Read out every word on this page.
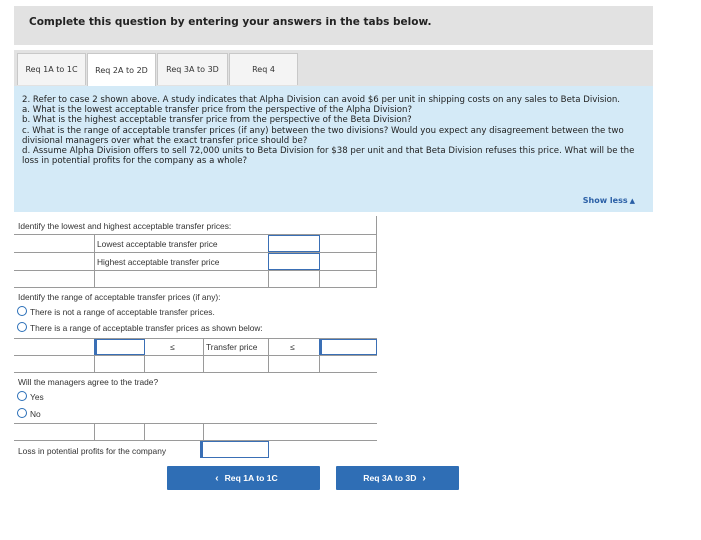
Complete this question by entering your answers in the tabs below.
Req 1A to 1C	Req 2A to 2D	Req 3A to 3D	Req 4

2. Refer to case 2 shown above. A study indicates that Alpha Division can avoid $6 per unit in shipping costs on any sales to Beta Division.

a. What is the lowest acceptable transfer price from the perspective of the Alpha Division?

b. What is the highest acceptable transfer price from the perspective of the Beta Division?

c. What is the range of acceptable transfer prices (if any) between the two divisions? Would you expect any disagreement between the two divisional managers over what the exact transfer price should be?

d. Assume Alpha Division offers to sell 72,000 units to Beta Division for $38 per unit and that Beta Division refuses this price. What will be the loss in potential profits for the company as a whole?

Show less ▲
Identify the lowest and highest acceptable transfer prices:
Lowest acceptable transfer price
Highest acceptable transfer price
Identify the range of acceptable transfer prices (if any):
There is not a range of acceptable transfer prices.
There is a range of acceptable transfer prices as shown below:
≤	Transfer price	≤
Will the managers agree to the trade?
Yes
No
Loss in potential profits for the company
‹ Req 1A to 1C	Req 3A to 3D ›
